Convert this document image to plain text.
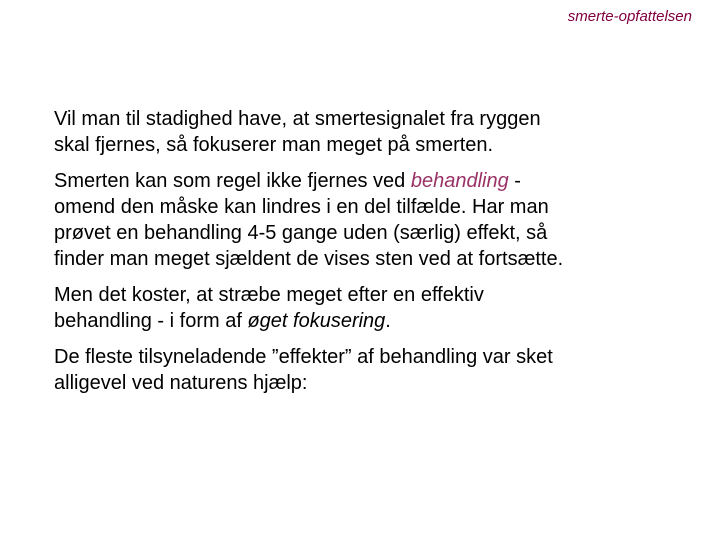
smerte-opfattelsen

Vil man til stadighed have, at smertesignalet fra ryggen
skal fjernes, så fokuserer man meget på smerten.

Smerten kan som regel ikke fjernes ved behandling -
omend den måske kan lindres i en del tilfælde. Har man
prøvet en behandling 4-5 gange uden (særlig) effekt, så
finder man meget sjældent de vises sten ved at fortsætte.

Men det koster, at stræbe meget efter en effektiv
behandling - i form af øget fokusering.

De fleste tilsyneladende ”effekter” af behandling var sket
alligevel ved naturens hjælp:
